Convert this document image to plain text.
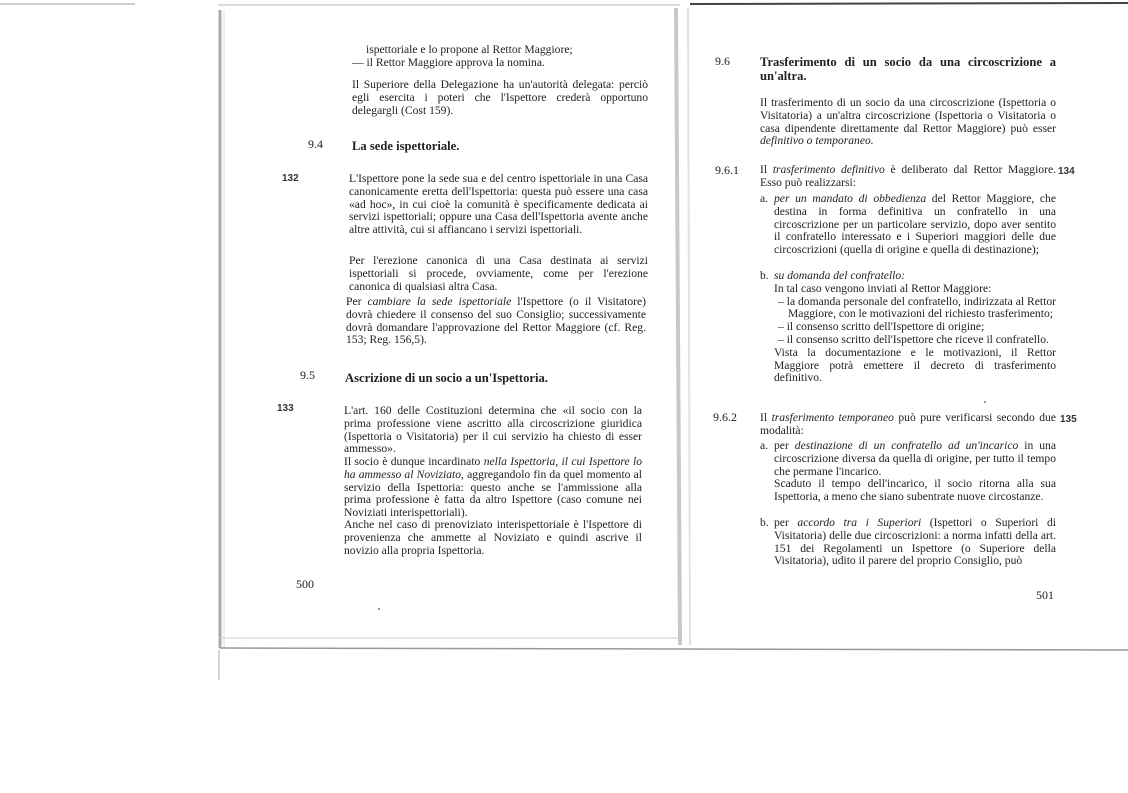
ispettoriale e lo propone al Rettor Maggiore;

— il Rettor Maggiore approva la nomina.

Il Superiore della Delegazione ha un'autorità delegata: perciò egli esercita i poteri che l'Ispettore crederà opportuno delegargli (Cost 159).

9.4 La sede ispettoriale.

132	L'Ispettore pone la sede sua e del centro ispettoriale in una Casa canonicamente eretta dell'Ispettoria: questa può essere una casa «ad hoc», in cui cioè la comunità è specificamente dedicata ai servizi ispettoriali; oppure una Casa dell'Ispettoria avente anche altre attività, cui si affiancano i servizi ispettoriali.

Per l'erezione canonica di una Casa destinata ai servizi ispettoriali si procede, ovviamente, come per l'erezione canonica di qualsiasi altra Casa.

Per cambiare la sede ispettoriale l'Ispettore (o il Visitatore) dovrà chiedere il consenso del suo Consiglio; successivamente dovrà domandare l'approvazione del Rettor Maggiore (cf. Reg. 153; Reg. 156,5).

9.5 Ascrizione di un socio a un'Ispettoria.

133	L'art. 160 delle Costituzioni determina che «il socio con la prima professione viene ascritto alla circoscrizione giuridica (Ispettoria o Visitatoria) per il cui servizio ha chiesto di esser ammesso».

Il socio è dunque incardinato nella Ispettoria, il cui Ispettore lo ha ammesso al Noviziato, aggregandolo fin da quel momento al servizio della Ispettoria: questo anche se l'ammissione alla prima professione è fatta da altro Ispettore (caso comune nei Noviziati interispettoriali).

Anche nel caso di prenoviziato interispettoriale è l'Ispettore di provenienza che ammette al Noviziato e quindi ascrive il novizio alla propria Ispettoria.

500
9.6 Trasferimento di un socio da una circoscrizione a un'altra.

Il trasferimento di un socio da una circoscrizione (Ispettoria o Visitatoria) a un'altra circoscrizione (Ispettoria o Visitatoria o casa dipendente direttamente dal Rettor Maggiore) può esser definitivo o temporaneo.

9.6.1	134

Il trasferimento definitivo è deliberato dal Rettor Maggiore. Esso può realizzarsi:

a. per un mandato di obbedienza del Rettor Maggiore, che destina in forma definitiva un confratello in una circoscrizione per un particolare servizio, dopo aver sentito il confratello interessato e i Superiori maggiori delle due circoscrizioni (quella di origine e quella di destinazione);

b. su domanda del confratello:

In tal caso vengono inviati al Rettor Maggiore:

– la domanda personale del confratello, indirizzata al Rettor Maggiore, con le motivazioni del richiesto trasferimento;
– il consenso scritto dell'Ispettore di origine;
– il consenso scritto dell'Ispettore che riceve il confratello.

Vista la documentazione e le motivazioni, il Rettor Maggiore potrà emettere il decreto di trasferimento definitivo.

9.6.2	135

Il trasferimento temporaneo può pure verificarsi secondo due modalità:

a. per destinazione di un confratello ad un'incarico in una circoscrizione diversa da quella di origine, per tutto il tempo che permane l'incarico.

Scaduto il tempo dell'incarico, il socio ritorna alla sua Ispettoria, a meno che siano subentrate nuove circostanze.

b. per accordo tra i Superiori (Ispettori o Superiori di Visitatoria) delle due circoscrizioni: a norma infatti della art. 151 dei Regolamenti un Ispettore (o Superiore della Visitatoria), udito il parere del proprio Consiglio, può

501
